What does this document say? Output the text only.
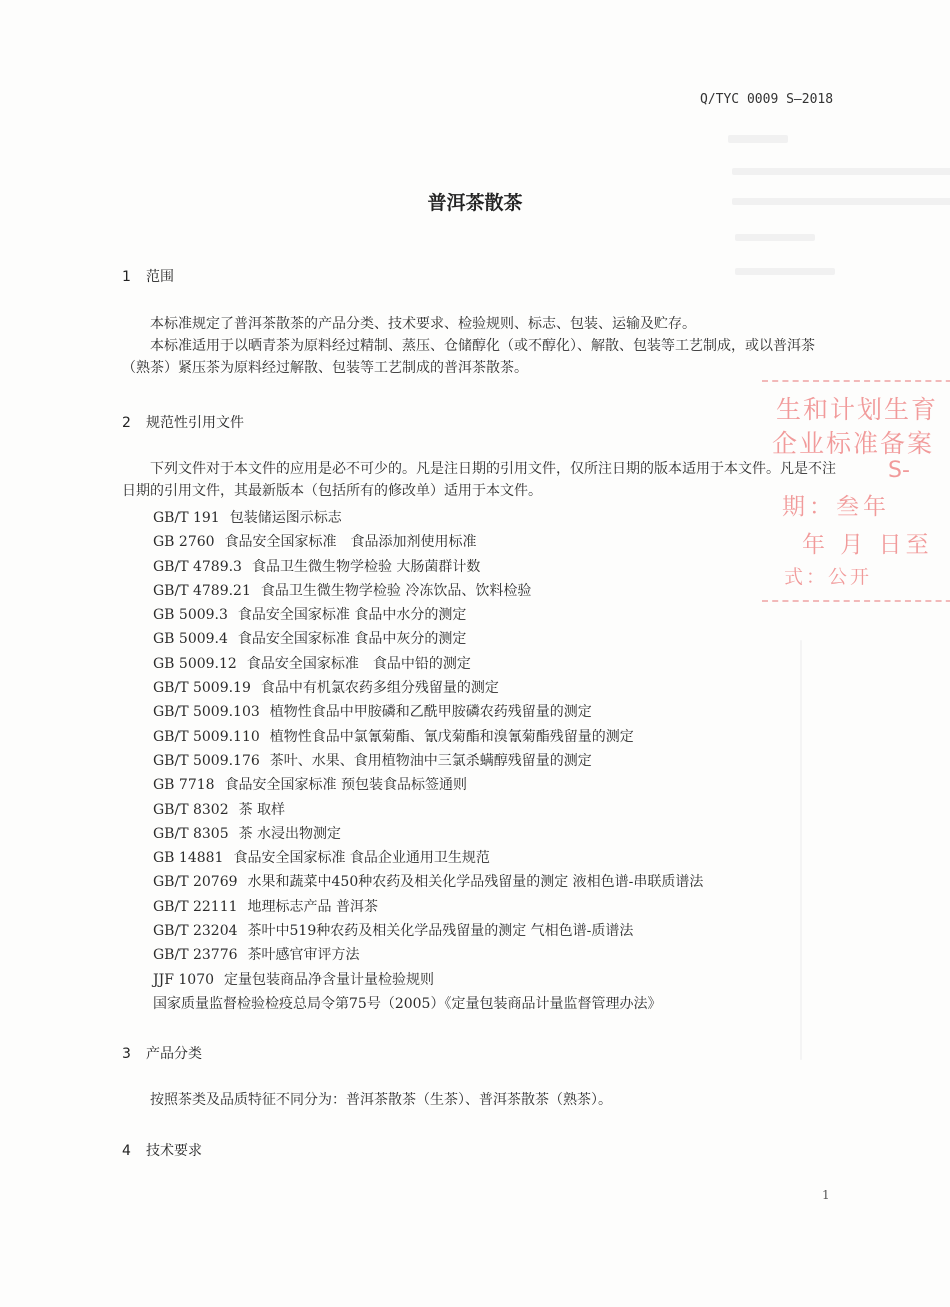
Q/TYC 0009 S—2018
普洱茶散茶
1 范围
本标准规定了普洱茶散茶的产品分类、技术要求、检验规则、标志、包装、运输及贮存。
本标准适用于以晒青茶为原料经过精制、蒸压、仓储醇化（或不醇化）、解散、包装等工艺制成，或以普洱茶（熟茶）紧压茶为原料经过解散、包装等工艺制成的普洱茶散茶。
2 规范性引用文件
下列文件对于本文件的应用是必不可少的。凡是注日期的引用文件，仅所注日期的版本适用于本文件。凡是不注日期的引用文件，其最新版本（包括所有的修改单）适用于本文件。
GB/T 191 包装储运图示标志
GB 2760 食品安全国家标准　食品添加剂使用标准
GB/T 4789.3 食品卫生微生物学检验 大肠菌群计数
GB/T 4789.21 食品卫生微生物学检验 冷冻饮品、饮料检验
GB 5009.3 食品安全国家标准 食品中水分的测定
GB 5009.4 食品安全国家标准 食品中灰分的测定
GB 5009.12 食品安全国家标准　食品中铅的测定
GB/T 5009.19 食品中有机氯农药多组分残留量的测定
GB/T 5009.103 植物性食品中甲胺磷和乙酰甲胺磷农药残留量的测定
GB/T 5009.110 植物性食品中氯氰菊酯、氰戊菊酯和溴氰菊酯残留量的测定
GB/T 5009.176 茶叶、水果、食用植物油中三氯杀螨醇残留量的测定
GB 7718 食品安全国家标准 预包装食品标签通则
GB/T 8302 茶 取样
GB/T 8305 茶 水浸出物测定
GB 14881 食品安全国家标准 食品企业通用卫生规范
GB/T 20769 水果和蔬菜中450种农药及相关化学品残留量的测定 液相色谱-串联质谱法
GB/T 22111 地理标志产品 普洱茶
GB/T 23204 茶叶中519种农药及相关化学品残留量的测定 气相色谱-质谱法
GB/T 23776 茶叶感官审评方法
JJF 1070 定量包装商品净含量计量检验规则
国家质量监督检验检疫总局令第75号（2005）《定量包装商品计量监督管理办法》
3 产品分类
按照茶类及品质特征不同分为：普洱茶散茶（生茶）、普洱茶散茶（熟茶）。
4 技术要求
生和计划生育
企业标准备案
S-
期：叁年
年 月 日至
式：公开
1
